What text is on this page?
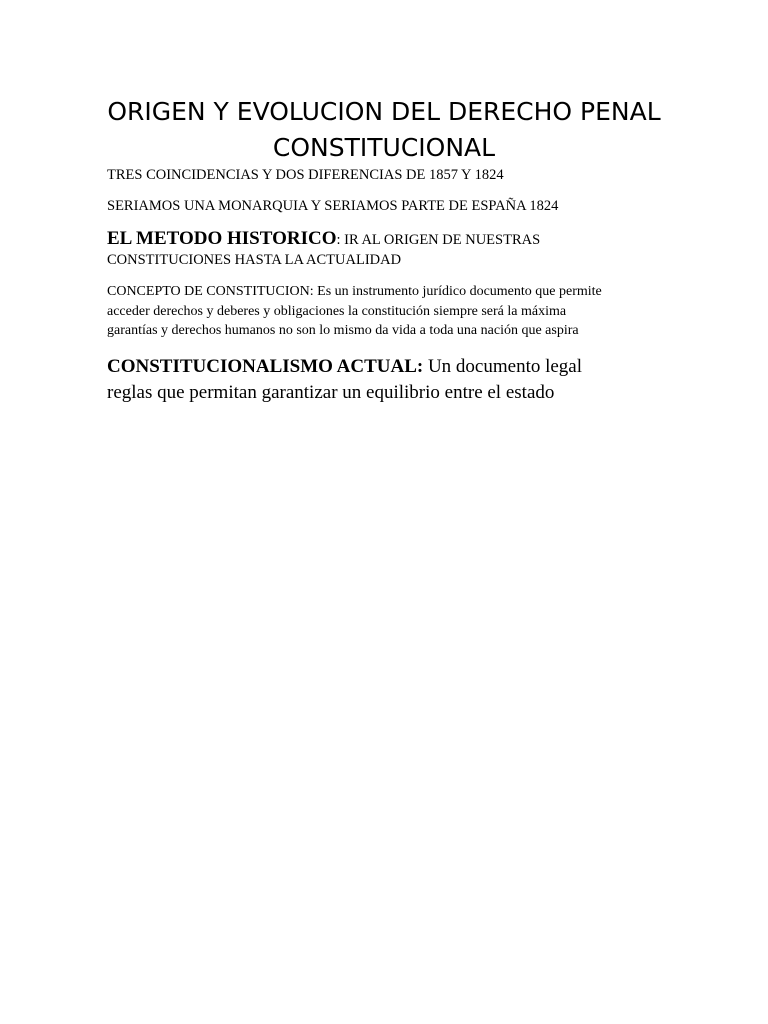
ORIGEN Y EVOLUCION DEL DERECHO PENAL
CONSTITUCIONAL

TRES COINCIDENCIAS Y DOS DIFERENCIAS DE 1857 Y 1824

SERIAMOS UNA MONARQUIA Y SERIAMOS PARTE DE ESPAÑA 1824

EL METODO HISTORICO: IR AL ORIGEN DE NUESTRAS
CONSTITUCIONES HASTA LA ACTUALIDAD

CONCEPTO DE CONSTITUCION: Es un instrumento jurídico documento que permite
acceder derechos y deberes y obligaciones la constitución siempre será la máxima
garantías y derechos humanos no son lo mismo da vida a toda una nación que aspira

CONSTITUCIONALISMO ACTUAL: Un documento legal
reglas que permitan garantizar un equilibrio entre el estado
